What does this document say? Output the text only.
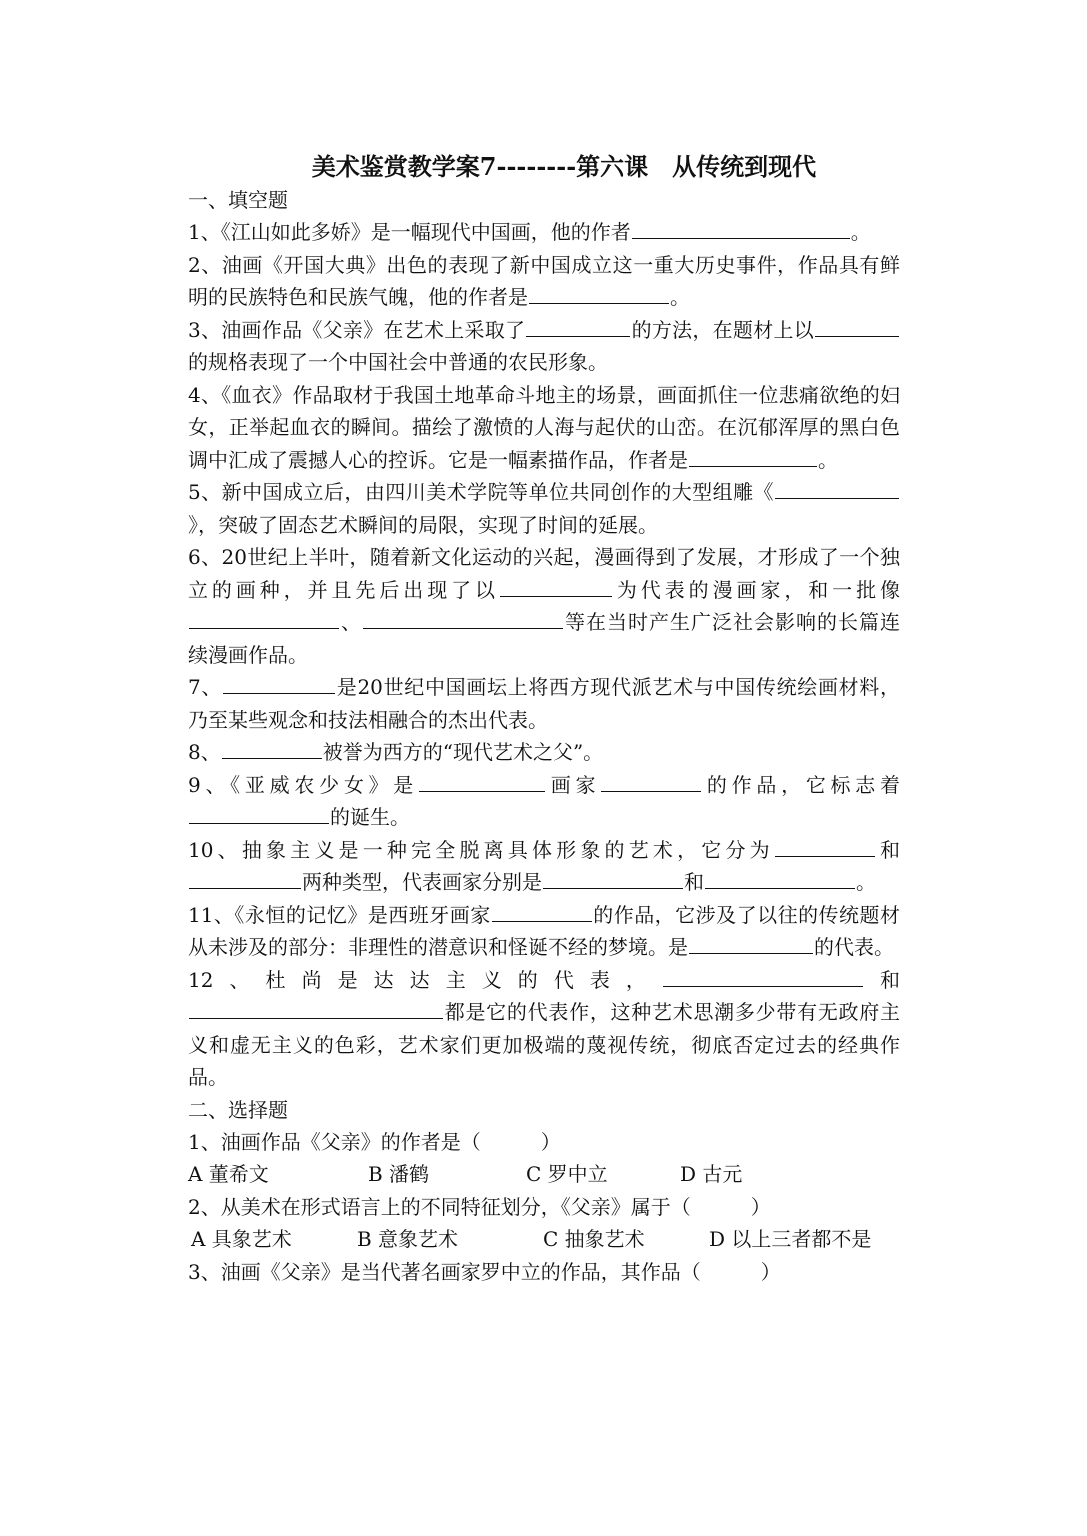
美术鉴赏教学案7--------第六课　从传统到现代
一、填空题

1、《江山如此多娇》是一幅现代中国画，他的作者	。

2、油画《开国大典》出色的表现了新中国成立这一重大历史事件，作品具有鲜明的民族特色和民族气魄，他的作者是	。

3、油画作品《父亲》在艺术上采取了	的方法，在题材上以的规格表现了一个中国社会中普通的农民形象。

4、《血衣》作品取材于我国土地革命斗地主的场景，画面抓住一位悲痛欲绝的妇女，正举起血衣的瞬间。描绘了激愤的人海与起伏的山峦。在沉郁浑厚的黑白色调中汇成了震撼人心的控诉。它是一幅素描作品，作者是	。

5、新中国成立后，由四川美术学院等单位共同创作的大型组雕《》，突破了固态艺术瞬间的局限，实现了时间的延展。

6、20世纪上半叶，随着新文化运动的兴起，漫画得到了发展，才形成了一个独立的画种，并且先后出现了以	为代表的漫画家，和一批像、	等在当时产生广泛社会影响的长篇连续漫画作品。

7、	是20世纪中国画坛上将西方现代派艺术与中国传统绘画材料，乃至某些观念和技法相融合的杰出代表。

8、	被誉为西方的“现代艺术之父”。

9、《亚威农少女》是	画家	的作品，它标志着的诞生。

10、抽象主义是一种完全脱离具体形象的艺术，它分为	和两种类型，代表画家分别是	和	。

11、《永恒的记忆》是西班牙画家	的作品，它涉及了以往的传统题材从未涉及的部分：非理性的潜意识和怪诞不经的梦境。是	的代表。

12、杜尚是达达主义的代表，	和都是它的代表作，这种艺术思潮多少带有无政府主义和虚无主义的色彩，艺术家们更加极端的蔑视传统，彻底否定过去的经典作品。

二、选择题

1、油画作品《父亲》的作者是（　　　）

A 董希文	B 潘鹤	C 罗中立	D 古元

2、从美术在形式语言上的不同特征划分，《父亲》属于（　　　）

A 具象艺术	B 意象艺术	C 抽象艺术	D 以上三者都不是

3、油画《父亲》是当代著名画家罗中立的作品，其作品（　　　）
